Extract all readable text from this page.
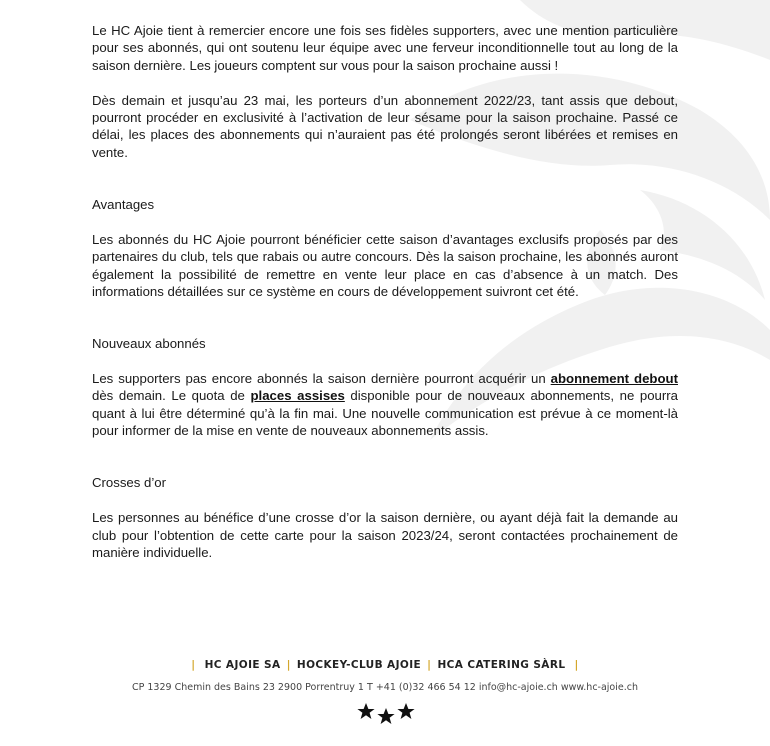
Le HC Ajoie tient à remercier encore une fois ses fidèles supporters, avec une mention particulière pour ses abonnés, qui ont soutenu leur équipe avec une ferveur inconditionnelle tout au long de la saison dernière. Les joueurs comptent sur vous pour la saison prochaine aussi !

Dès demain et jusqu’au 23 mai, les porteurs d’un abonnement 2022/23, tant assis que debout, pourront procéder en exclusivité à l’activation de leur sésame pour la saison prochaine. Passé ce délai, les places des abonnements qui n’auraient pas été prolongés seront libérées et remises en vente.

Avantages

Les abonnés du HC Ajoie pourront bénéficier cette saison d’avantages exclusifs proposés par des partenaires du club, tels que rabais ou autre concours. Dès la saison prochaine, les abonnés auront également la possibilité de remettre en vente leur place en cas d’absence à un match. Des informations détaillées sur ce système en cours de développement suivront cet été.

Nouveaux abonnés

Les supporters pas encore abonnés la saison dernière pourront acquérir un abonnement debout dès demain. Le quota de places assises disponible pour de nouveaux abonnements, ne pourra quant à lui être déterminé qu’à la fin mai. Une nouvelle communication est prévue à ce moment-là pour informer de la mise en vente de nouveaux abonnements assis.

Crosses d’or

Les personnes au bénéfice d’une crosse d’or la saison dernière, ou ayant déjà fait la demande au club pour l’obtention de cette carte pour la saison 2023/24, seront contactées prochainement de manière individuelle.

| HC AJOIE SA | HOCKEY-CLUB AJOIE | HCA CATERING SÀRL |
CP 1329 Chemin des Bains 23 2900 Porrentruy 1 T +41 (0)32 466 54 12 info@hc-ajoie.ch www.hc-ajoie.ch
